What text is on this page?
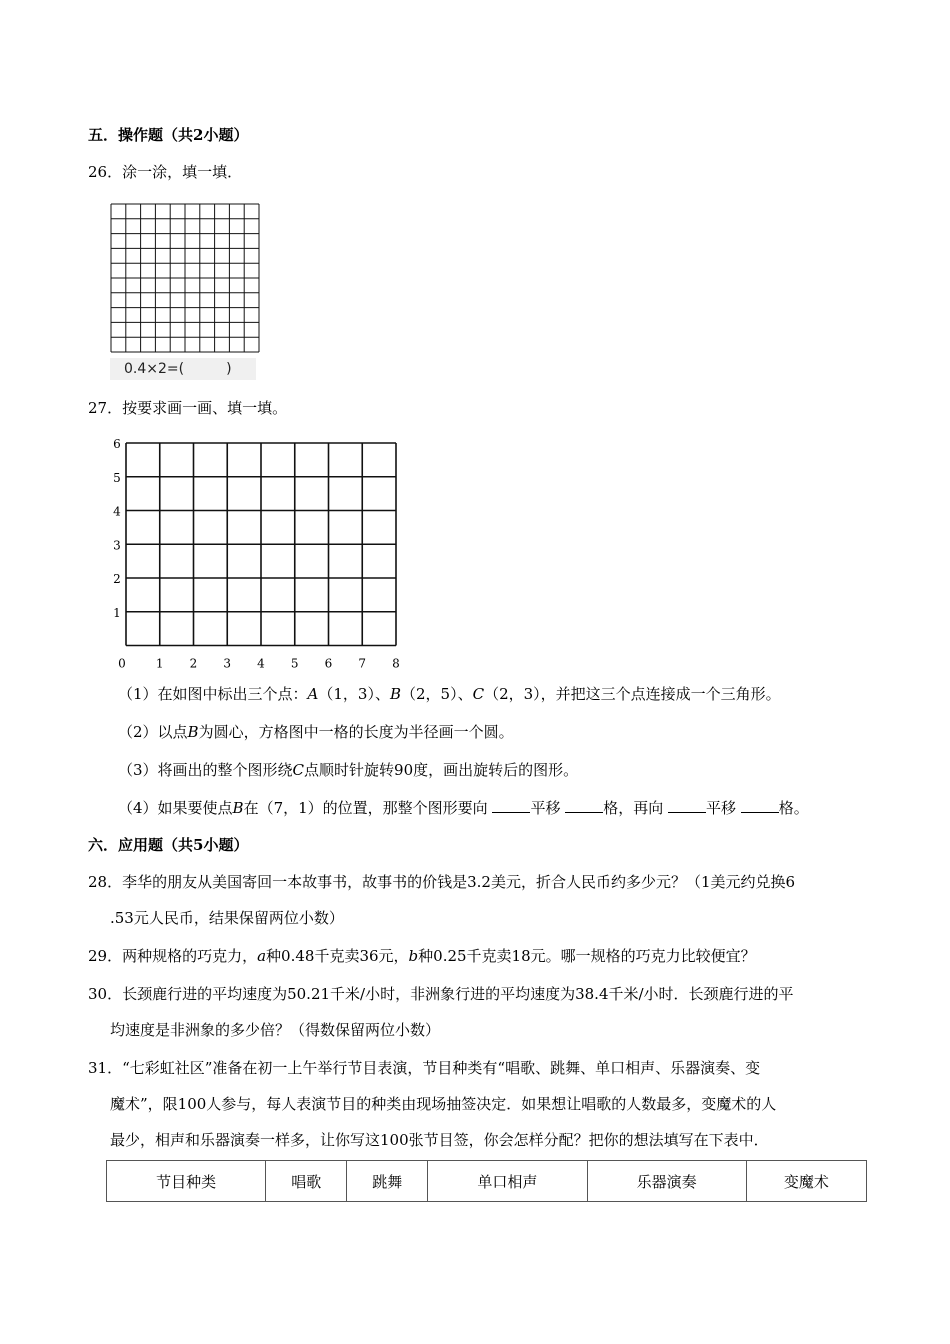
五．操作题（共2小题）
26．涂一涂，填一填．
0.4×2=(　　　)
27．按要求画一画、填一填。
6
5
4
3
2
1
0	1 2 3 4 5 6 7 8
（1）在如图中标出三个点：A（1，3）、B（2，5）、C（2，3），并把这三个点连接成一个三角形。
（2）以点B为圆心，方格图中一格的长度为半径画一个圆。
（3）将画出的整个图形绕C点顺时针旋转90度，画出旋转后的图形。
（4）如果要使点B在（7，1）的位置，那整个图形要向	平移	格，再向	平移	格。
六．应用题（共5小题）
28．李华的朋友从美国寄回一本故事书，故事书的价钱是3.2美元，折合人民币约多少元？（1美元约兑换6
.53元人民币，结果保留两位小数）
29．两种规格的巧克力，a种0.48千克卖36元，b种0.25千克卖18元。哪一规格的巧克力比较便宜？
30．长颈鹿行进的平均速度为50.21千米/小时，非洲象行进的平均速度为38.4千米/小时．长颈鹿行进的平
均速度是非洲象的多少倍？（得数保留两位小数）
31．“七彩虹社区”准备在初一上午举行节目表演，节目种类有“唱歌、跳舞、单口相声、乐器演奏、变
魔术”，限100人参与，每人表演节目的种类由现场抽签决定．如果想让唱歌的人数最多，变魔术的人
最少，相声和乐器演奏一样多，让你写这100张节目签，你会怎样分配？把你的想法填写在下表中．
节目种类	唱歌	跳舞	单口相声	乐器演奏	变魔术
